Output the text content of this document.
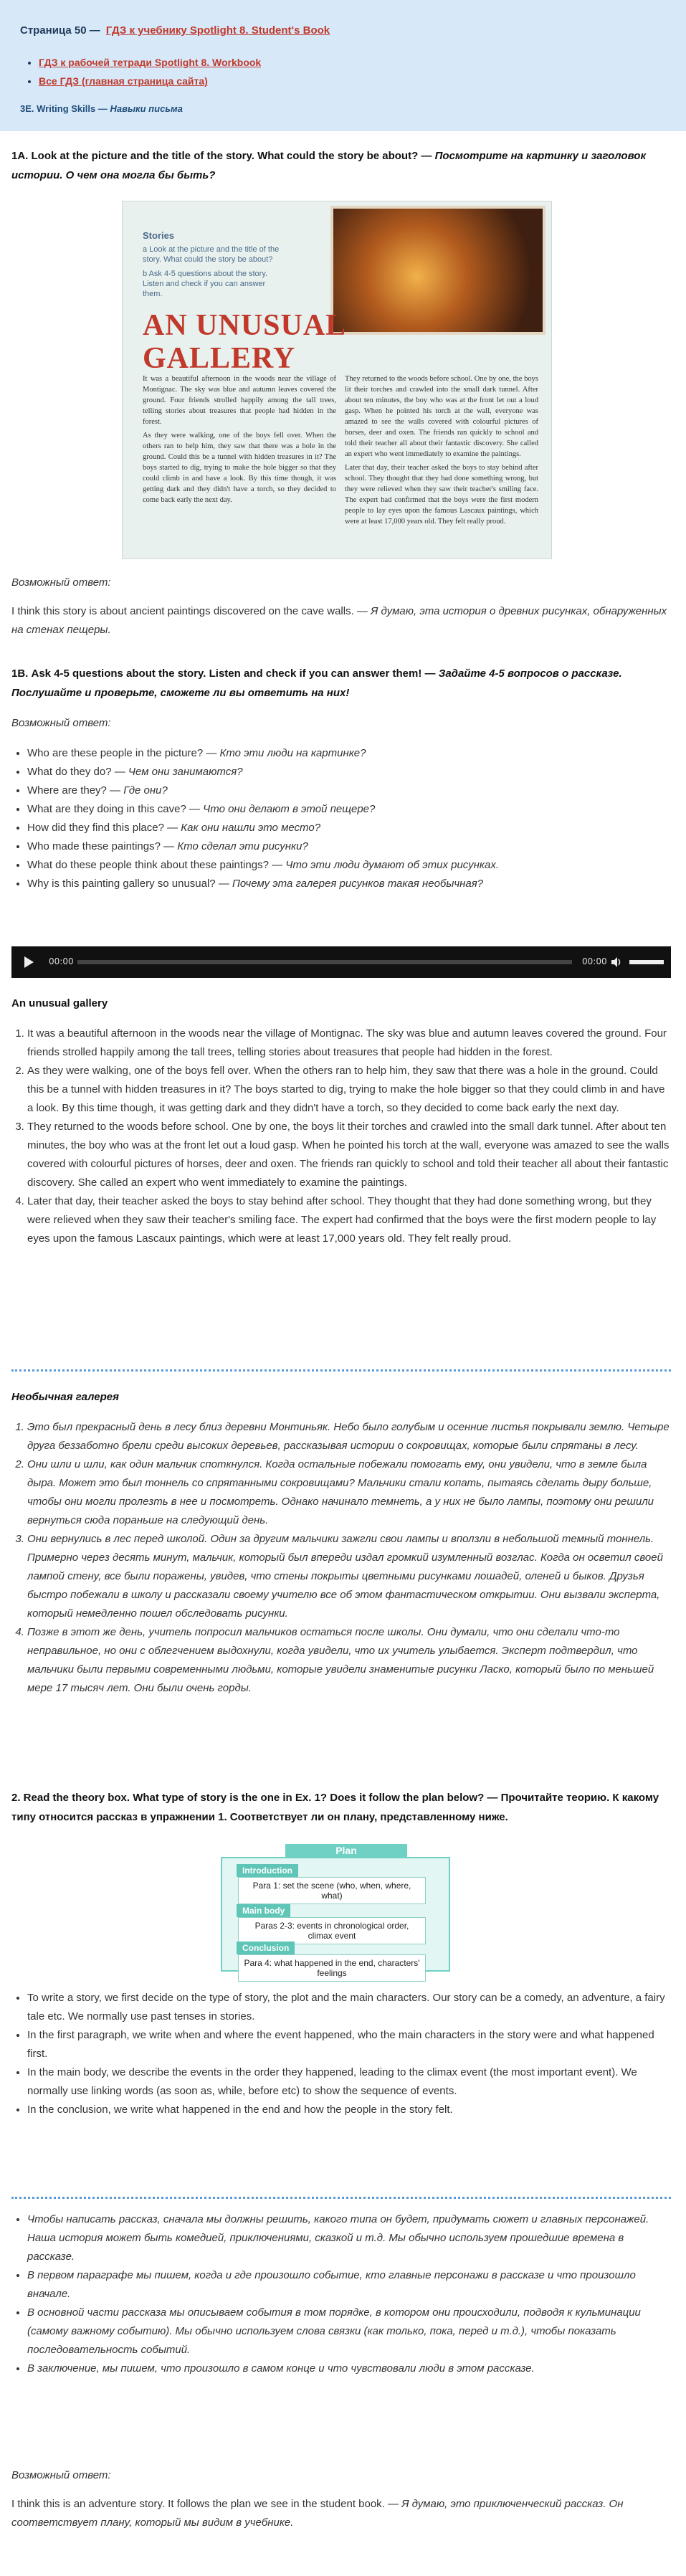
Страница 50 — ГДЗ к учебнику Spotlight 8. Student's Book
• ГДЗ к рабочей тетради Spotlight 8. Workbook
• Все ГДЗ (главная страница сайта)
3E. Writing Skills — Навыки письма
1А. Look at the picture and the title of the story. What could the story be about? — Посмотрите на картинку и заголовок истории. О чем она могла бы быть?
Stories
a Look at the picture and the title of the story. What could the story be about?
b Ask 4-5 questions about the story. Listen and check if you can answer them.
AN UNUSUAL
GALLERY
It was a beautiful afternoon in the woods near the village of Montignac. The sky was blue and autumn leaves covered the ground. Four friends strolled happily among the tall trees, telling stories about treasures that people had hidden in the forest.
As they were walking, one of the boys fell over. When the others ran to help him, they saw that there was a hole in the ground. Could this be a tunnel with hidden treasures in it? The boys started to dig, trying to make the hole bigger so that they could climb in and have a look. By this time though, it was getting dark and they didn't have a torch, so they decided to come back early the next day.
They returned to the woods before school. One by one, the boys lit their torches and crawled into the small dark tunnel. After about ten minutes, the boy who was at the front let out a loud gasp. When he pointed his torch at the wall, everyone was amazed to see the walls covered with colourful pictures of horses, deer and oxen. The friends ran quickly to school and told their teacher all about their fantastic discovery. She called an expert who went immediately to examine the paintings.
Later that day, their teacher asked the boys to stay behind after school. They thought that they had done something wrong, but they were relieved when they saw their teacher's smiling face. The expert had confirmed that the boys were the first modern people to lay eyes upon the famous Lascaux paintings, which were at least 17,000 years old. They felt really proud.
Возможный ответ:
I think this story is about ancient paintings discovered on the cave walls. — Я думаю, эта история о древних рисунках, обнаруженных на стенах пещеры.
1В. Ask 4-5 questions about the story. Listen and check if you can answer them! — Задайте 4-5 вопросов о рассказе. Послушайте и проверьте, сможете ли вы ответить на них!
Возможный ответ:
• Who are these people in the picture? — Кто эти люди на картинке?
• What do they do? — Чем они занимаются?
• Where are they? — Где они?
• What are they doing in this cave? — Что они делают в этой пещере?
• How did they find this place? — Как они нашли это место?
• Who made these paintings? — Кто сделал эти рисунки?
• What do these people think about these paintings? — Что эти люди думают об этих рисунках.
• Why is this painting gallery so unusual? — Почему эта галерея рисунков такая необычная?
00:00	00:00
An unusual gallery
1. It was a beautiful afternoon in the woods near the village of Montignac. The sky was blue and autumn leaves covered the ground. Four friends strolled happily among the tall trees, telling stories about treasures that people had hidden in the forest.
2. As they were walking, one of the boys fell over. When the others ran to help him, they saw that there was a hole in the ground. Could this be a tunnel with hidden treasures in it? The boys started to dig, trying to make the hole bigger so that they could climb in and have a look. By this time though, it was getting dark and they didn't have a torch, so they decided to come back early the next day.
3. They returned to the woods before school. One by one, the boys lit their torches and crawled into the small dark tunnel. After about ten minutes, the boy who was at the front let out a loud gasp. When he pointed his torch at the wall, everyone was amazed to see the walls covered with colourful pictures of horses, deer and oxen. The friends ran quickly to school and told their teacher all about their fantastic discovery. She called an expert who went immediately to examine the paintings.
4. Later that day, their teacher asked the boys to stay behind after school. They thought that they had done something wrong, but they were relieved when they saw their teacher's smiling face. The expert had confirmed that the boys were the first modern people to lay eyes upon the famous Lascaux paintings, which were at least 17,000 years old. They felt really proud.
Необычная галерея
1. Это был прекрасный день в лесу близ деревни Монтиньяк. Небо было голубым и осенние листья покрывали землю. Четыре друга беззаботно брели среди высоких деревьев, рассказывая истории о сокровищах, которые были спрятаны в лесу.
2. Они шли и шли, как один мальчик споткнулся. Когда остальные побежали помогать ему, они увидели, что в земле была дыра. Может это был тоннель со спрятанными сокровищами? Мальчики стали копать, пытаясь сделать дыру больше, чтобы они могли пролезть в нее и посмотреть. Однако начинало темнеть, а у них не было лампы, поэтому они решили вернуться сюда пораньше на следующий день.
3. Они вернулись в лес перед школой. Один за другим мальчики зажгли свои лампы и вползли в небольшой темный тоннель. Примерно через десять минут, мальчик, который был впереди издал громкий изумленный возглас. Когда он осветил своей лампой стену, все были поражены, увидев, что стены покрыты цветными рисунками лошадей, оленей и быков. Друзья быстро побежали в школу и рассказали своему учителю все об этом фантастическом открытии. Они вызвали эксперта, который немедленно пошел обследовать рисунки.
4. Позже в этот же день, учитель попросил мальчиков остаться после школы. Они думали, что они сделали что-то неправильное, но они с облегчением выдохнули, когда увидели, что их учитель улыбается. Эксперт подтвердил, что мальчики были первыми современными людьми, которые увидели знаменитые рисунки Ласко, который было по меньшей мере 17 тысяч лет. Они были очень горды.
2. Read the theory box. What type of story is the one in Ex. 1? Does it follow the plan below? — Прочитайте теорию. К какому типу относится рассказ в упражнении 1. Соответствует ли он плану, представленному ниже.
Plan
Introduction
Para 1: set the scene (who, when, where, what)
Main body
Paras 2-3: events in chronological order, climax event
Conclusion
Para 4: what happened in the end, characters' feelings
• To write a story, we first decide on the type of story, the plot and the main characters. Our story can be a comedy, an adventure, a fairy tale etc. We normally use past tenses in stories.
• In the first paragraph, we write when and where the event happened, who the main characters in the story were and what happened first.
• In the main body, we describe the events in the order they happened, leading to the climax event (the most important event). We normally use linking words (as soon as, while, before etc) to show the sequence of events.
• In the conclusion, we write what happened in the end and how the people in the story felt.
• Чтобы написать рассказ, сначала мы должны решить, какого типа он будет, придумать сюжет и главных персонажей. Наша история может быть комедией, приключениями, сказкой и т.д. Мы обычно используем прошедшие времена в рассказе.
• В первом параграфе мы пишем, когда и где произошло событие, кто главные персонажи в рассказе и что произошло вначале.
• В основной части рассказа мы описываем события в том порядке, в котором они происходили, подводя к кульминации (самому важному событию). Мы обычно используем слова связки (как только, пока, перед и т.д.), чтобы показать последовательность событий.
• В заключение, мы пишем, что произошло в самом конце и что чувствовали люди в этом рассказе.
Возможный ответ:
I think this is an adventure story. It follows the plan we see in the student book. — Я думаю, это приключенческий рассказ. Он соответствует плану, который мы видим в учебнике.
